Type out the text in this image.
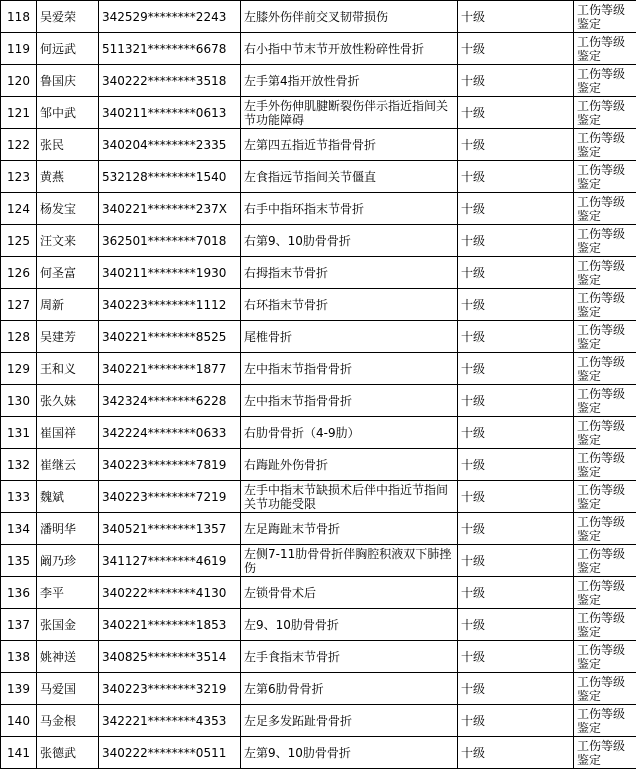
118	吴爱荣	342529********2243	左膝外伤伴前交叉韧带损伤	十级	工伤等级鉴定
119	何远武	511321********6678	右小指中节末节开放性粉碎性骨折	十级	工伤等级鉴定
120	鲁国庆	340222********3518	左手第4指开放性骨折	十级	工伤等级鉴定
121	邹中武	340211********0613	左手外伤伸肌腱断裂伤伴示指近指间关节功能障碍	十级	工伤等级鉴定
122	张民	340204********2335	左第四五指近节指骨骨折	十级	工伤等级鉴定
123	黄燕	532128********1540	左食指远节指间关节僵直	十级	工伤等级鉴定
124	杨发宝	340221********237X	右手中指环指末节骨折	十级	工伤等级鉴定
125	汪文来	362501********7018	右第9、10肋骨骨折	十级	工伤等级鉴定
126	何圣富	340211********1930	右拇指末节骨折	十级	工伤等级鉴定
127	周新	340223********1112	右环指末节骨折	十级	工伤等级鉴定
128	吴建芳	340221********8525	尾椎骨折	十级	工伤等级鉴定
129	王和义	340221********1877	左中指末节指骨骨折	十级	工伤等级鉴定
130	张久妹	342324********6228	左中指末节指骨骨折	十级	工伤等级鉴定
131	崔国祥	342224********0633	右肋骨骨折（4-9肋）	十级	工伤等级鉴定
132	崔继云	340223********7819	右踇趾外伤骨折	十级	工伤等级鉴定
133	魏斌	340223********7219	左手中指末节缺损术后伴中指近节指间关节功能受限	十级	工伤等级鉴定
134	潘明华	340521********1357	左足踇趾末节骨折	十级	工伤等级鉴定
135	阚乃珍	341127********4619	左侧7-11肋骨骨折伴胸腔积液双下肺挫伤	十级	工伤等级鉴定
136	李平	340222********4130	左锁骨骨术后	十级	工伤等级鉴定
137	张国金	340221********1853	左9、10肋骨骨折	十级	工伤等级鉴定
138	姚神送	340825********3514	左手食指末节骨折	十级	工伤等级鉴定
139	马爱国	340223********3219	左第6肋骨骨折	十级	工伤等级鉴定
140	马金根	342221********4353	左足多发跖趾骨骨折	十级	工伤等级鉴定
141	张德武	340222********0511	左第9、10肋骨骨折	十级	工伤等级鉴定
